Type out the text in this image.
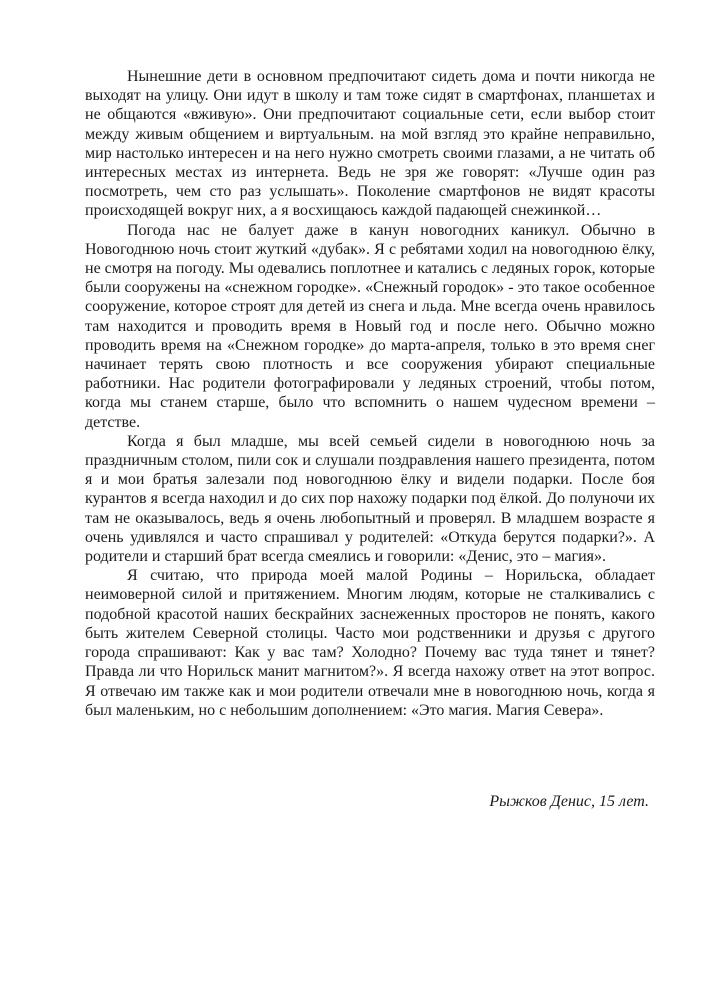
Нынешние дети в основном предпочитают сидеть дома и почти никогда не выходят на улицу. Они идут в школу и там тоже сидят в смартфонах, планшетах и не общаются «вживую». Они предпочитают социальные сети, если выбор стоит между живым общением и виртуальным. на мой взгляд это крайне неправильно, мир настолько интересен и на него нужно смотреть своими глазами, а не читать об интересных местах из интернета. Ведь не зря же говорят: «Лучше один раз посмотреть, чем сто раз услышать». Поколение смартфонов не видят красоты происходящей вокруг них, а я восхищаюсь каждой падающей снежинкой…

Погода нас не балует даже в канун новогодних каникул. Обычно в Новогоднюю ночь стоит жуткий «дубак». Я с ребятами ходил на новогоднюю ёлку, не смотря на погоду. Мы одевались поплотнее и катались с ледяных горок, которые были сооружены на «снежном городке». «Снежный городок» - это такое особенное сооружение, которое строят для детей из снега и льда. Мне всегда очень нравилось там находится и проводить время в Новый год и после него. Обычно можно проводить время на «Снежном городке» до марта-апреля, только в это время снег начинает терять свою плотность и все сооружения убирают специальные работники. Нас родители фотографировали у ледяных строений, чтобы потом, когда мы станем старше, было что вспомнить о нашем чудесном времени – детстве.

Когда я был младше, мы всей семьей сидели в новогоднюю ночь за праздничным столом, пили сок и слушали поздравления нашего президента, потом я и мои братья залезали под новогоднюю ёлку и видели подарки. После боя курантов я всегда находил и до сих пор нахожу подарки под ёлкой. До полуночи их там не оказывалось, ведь я очень любопытный и проверял. В младшем возрасте я очень удивлялся и часто спрашивал у родителей: «Откуда берутся подарки?». А родители и старший брат всегда смеялись и говорили: «Денис, это – магия».

Я считаю, что природа моей малой Родины – Норильска, обладает неимоверной силой и притяжением. Многим людям, которые не сталкивались с подобной красотой наших бескрайних заснеженных просторов не понять, какого быть жителем Северной столицы. Часто мои родственники и друзья с другого города спрашивают: Как у вас там? Холодно? Почему вас туда тянет и тянет? Правда ли что Норильск манит магнитом?». Я всегда нахожу ответ на этот вопрос. Я отвечаю им также как и мои родители отвечали мне в новогоднюю ночь, когда я был маленьким, но с небольшим дополнением: «Это магия. Магия Севера».

Рыжков Денис, 15 лет.
